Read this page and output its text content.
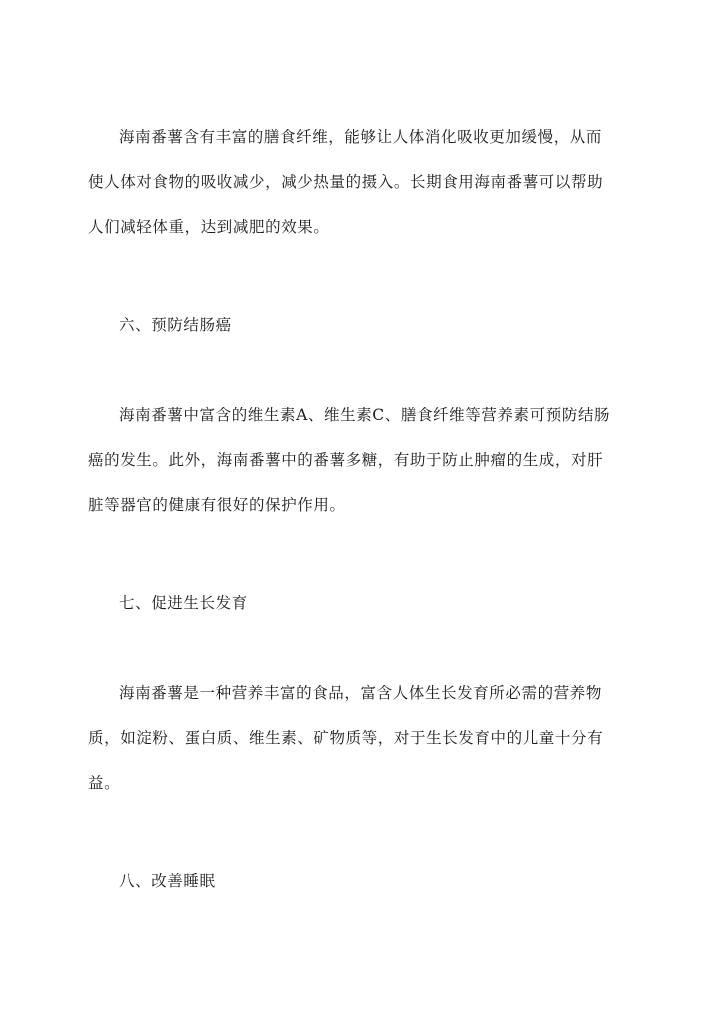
海南番薯含有丰富的膳食纤维，能够让人体消化吸收更加缓慢，从而
使人体对食物的吸收减少，减少热量的摄入。长期食用海南番薯可以帮助
人们减轻体重，达到减肥的效果。

六、预防结肠癌

海南番薯中富含的维生素A、维生素C、膳食纤维等营养素可预防结肠
癌的发生。此外，海南番薯中的番薯多糖，有助于防止肿瘤的生成，对肝
脏等器官的健康有很好的保护作用。

七、促进生长发育

海南番薯是一种营养丰富的食品，富含人体生长发育所必需的营养物
质，如淀粉、蛋白质、维生素、矿物质等，对于生长发育中的儿童十分有
益。

八、改善睡眠
